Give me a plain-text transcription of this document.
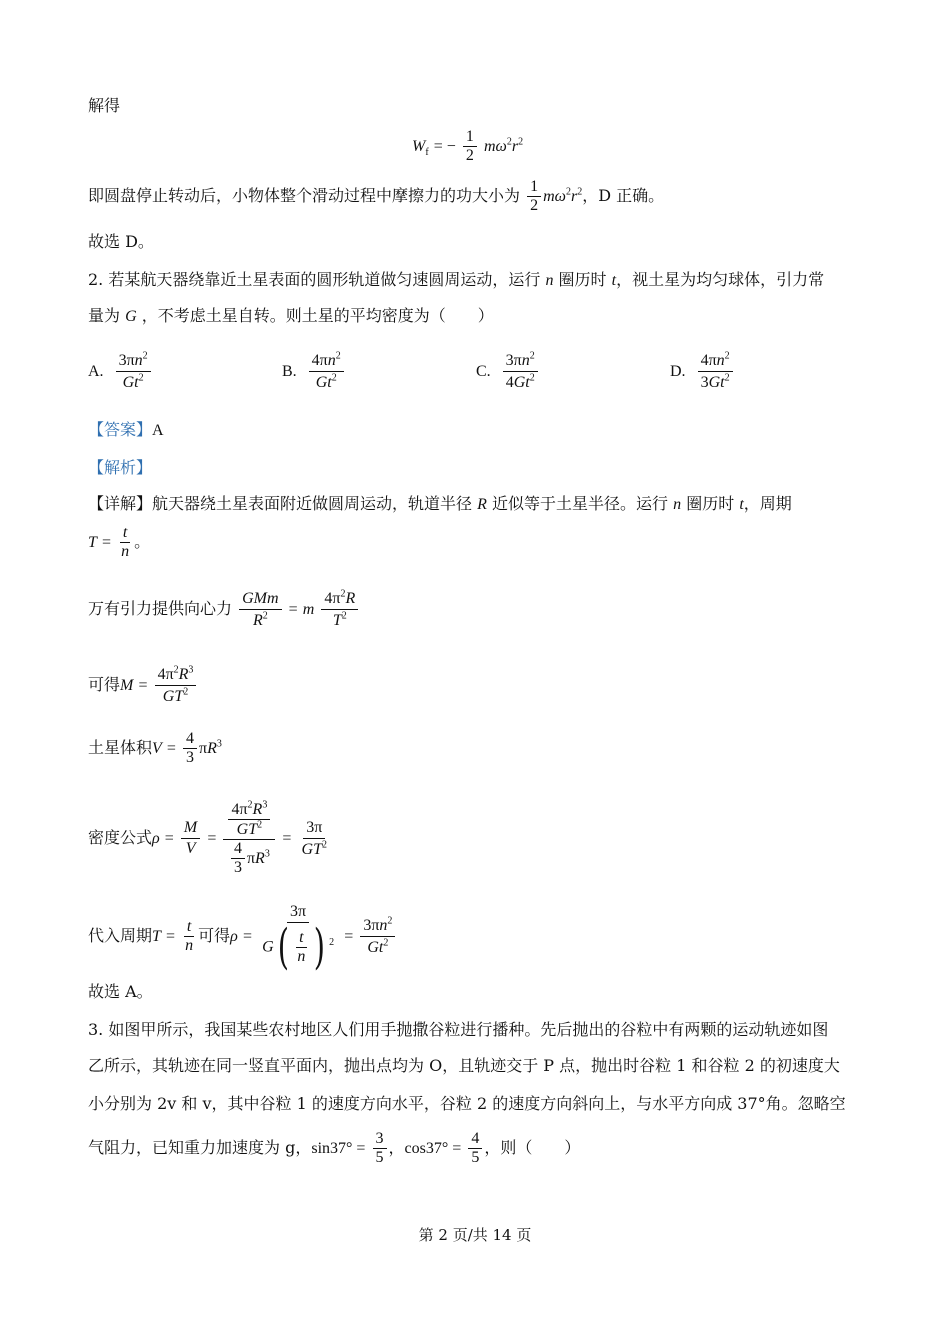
解得
$W_f$ = − $\frac{1}{2} m\omega^2r^2$
即圆盘停止转动后，小物体整个滑动过程中摩擦力的功大小为 $\frac{1}{2} m\omega^2r^2$，D 正确。
故选 D。
2. 若某航天器绕靠近土星表面的圆形轨道做匀速圆周运动，运行 n 圈历时 t，视土星为均匀球体，引力常
量为 G ，不考虑土星自转。则土星的平均密度为（　　）
A. $\frac{3\pi n^2}{Gt^2}$	B. $\frac{4\pi n^2}{Gt^2}$	C. $\frac{3\pi n^2}{4Gt^2}$	D. $\frac{4\pi n^2}{3Gt^2}$
【答案】A
【解析】
【详解】航天器绕土星表面附近做圆周运动，轨道半径 R 近似等于土星半径。运行 n 圈历时 t，周期
$T = \frac{t}{n}$ 。
万有引力提供向心力 $\frac{\text{GMm}}{R^2} = m \frac{4\pi^2R}{T^2}$
可得$M = \frac{4\pi^2R^3}{GT^2}$
土星体积$V = \frac{4}{3} \pi R^3$
密度公式$\rho = \frac{M}{V} = \frac{\frac{4\pi^2R^3}{GT^2}}{\frac{4}{3} \pi R^3} = \frac{3\pi}{GT^2}$
代入周期$T = \frac{t}{n}$ 可得$\rho = \frac{3\pi}{G( \frac{t}{n} ) ^2} = \frac{3\pi n^2}{Gt^2}$
故选 A。
3. 如图甲所示，我国某些农村地区人们用手抛撒谷粒进行播种。先后抛出的谷粒中有两颗的运动轨迹如图
乙所示，其轨迹在同一竖直平面内，抛出点均为 O，且轨迹交于 P 点，抛出时谷粒 1 和谷粒 2 的初速度大
小分别为 2v 和 v，其中谷粒 1 的速度方向水平，谷粒 2 的速度方向斜向上，与水平方向成 37°角。忽略空
气阻力，已知重力加速度为 g，$\sin 37^\circ = \frac{3}{5}$ ，$\cos 37^\circ = \frac{4}{5}$ ，则（　　）
第 2 页/共 14 页
